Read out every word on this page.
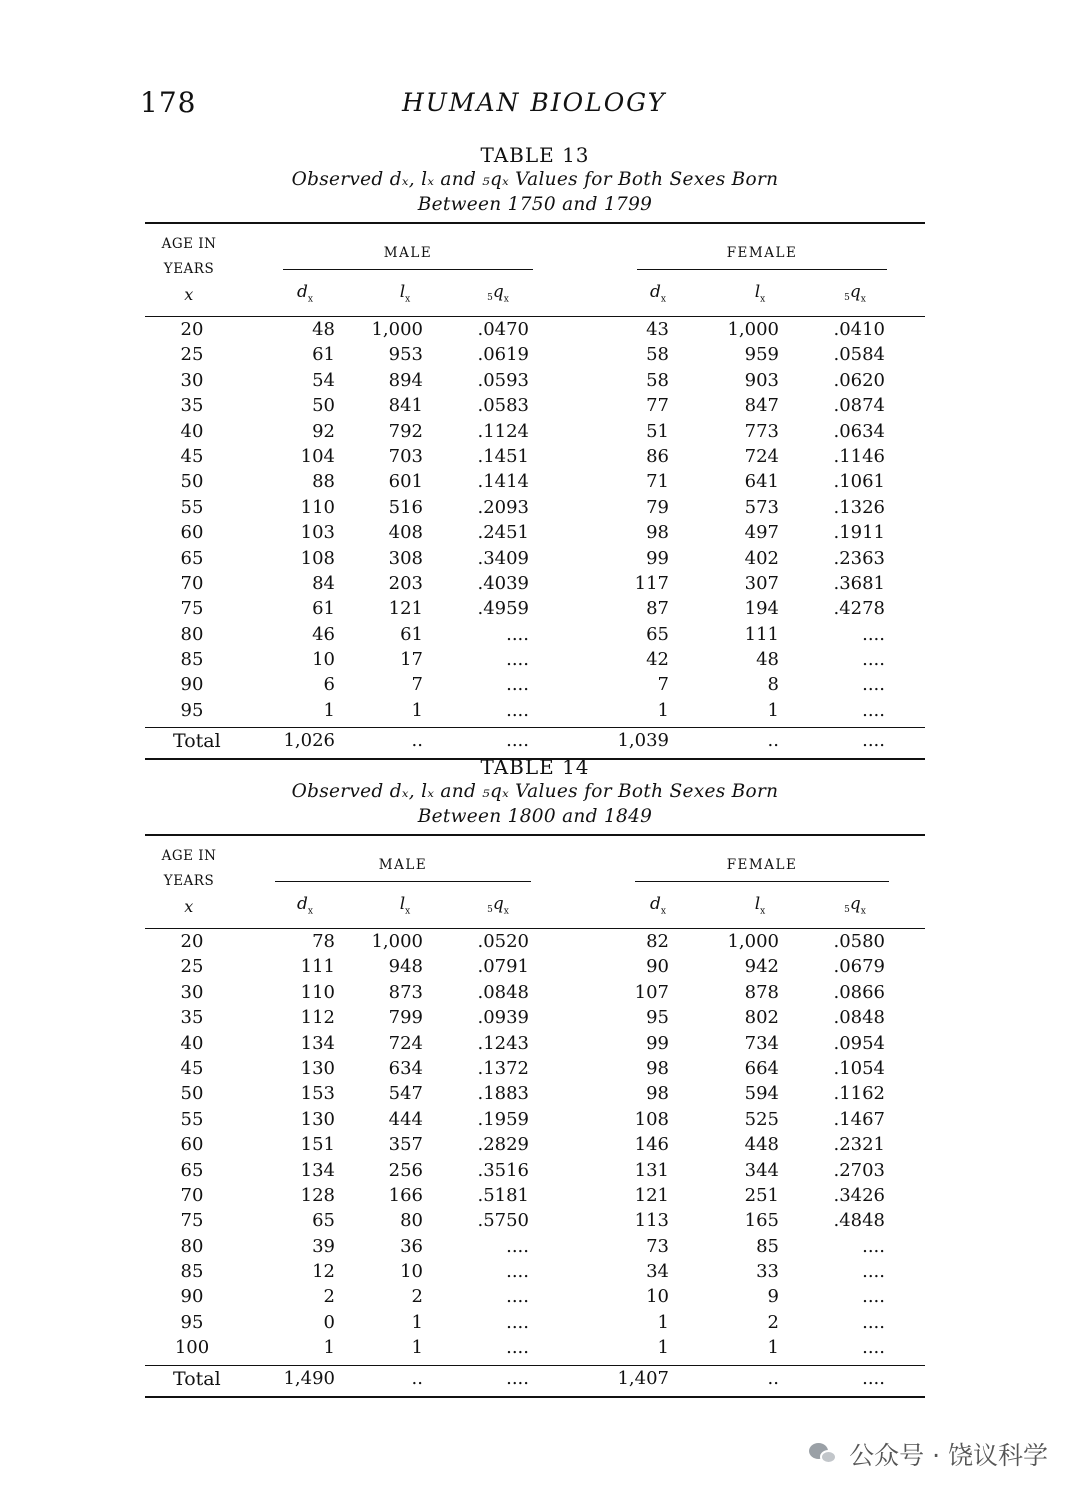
178	HUMAN BIOLOGY
TABLE 13
Observed dₓ, lₓ and ₅qₓ Values for Both Sexes Born
Between 1750 and 1799
AGE IN
YEARS
x
MALE	FEMALE
$d_x$	$l_x$	$5q_x$	$d_x$	$l_x$	$5q_x$
20	48	1,000	.0470	43	1,000	.0410
25	61	953	.0619	58	959	.0584
30	54	894	.0593	58	903	.0620
35	50	841	.0583	77	847	.0874
40	92	792	.1124	51	773	.0634
45	104	703	.1451	86	724	.1146
50	88	601	.1414	71	641	.1061
55	110	516	.2093	79	573	.1326
60	103	408	.2451	98	497	.1911
65	108	308	.3409	99	402	.2363
70	84	203	.4039	117	307	.3681
75	61	121	.4959	87	194	.4278
80	46	61	....	65	111	....
85	10	17	....	42	48	....
90	6	7	....	7	8	....
95	1	1	....	1	1	....
Total	1,026	..	....	1,039	..	....
TABLE 14
Observed dₓ, lₓ and ₅qₓ Values for Both Sexes Born
Between 1800 and 1849
AGE IN
YEARS
x
MALE	FEMALE
$d_x$	$l_x$	$5q_x$	$d_x$	$l_x$	$5q_x$
20	78	1,000	.0520	82	1,000	.0580
25	111	948	.0791	90	942	.0679
30	110	873	.0848	107	878	.0866
35	112	799	.0939	95	802	.0848
40	134	724	.1243	99	734	.0954
45	130	634	.1372	98	664	.1054
50	153	547	.1883	98	594	.1162
55	130	444	.1959	108	525	.1467
60	151	357	.2829	146	448	.2321
65	134	256	.3516	131	344	.2703
70	128	166	.5181	121	251	.3426
75	65	80	.5750	113	165	.4848
80	39	36	....	73	85	....
85	12	10	....	34	33	....
90	2	2	....	10	9	....
95	0	1	....	1	2	....
100	1	1	....	1	1	....
Total	1,490	..	....	1,407	..	....
公众号 · 饶议科学
